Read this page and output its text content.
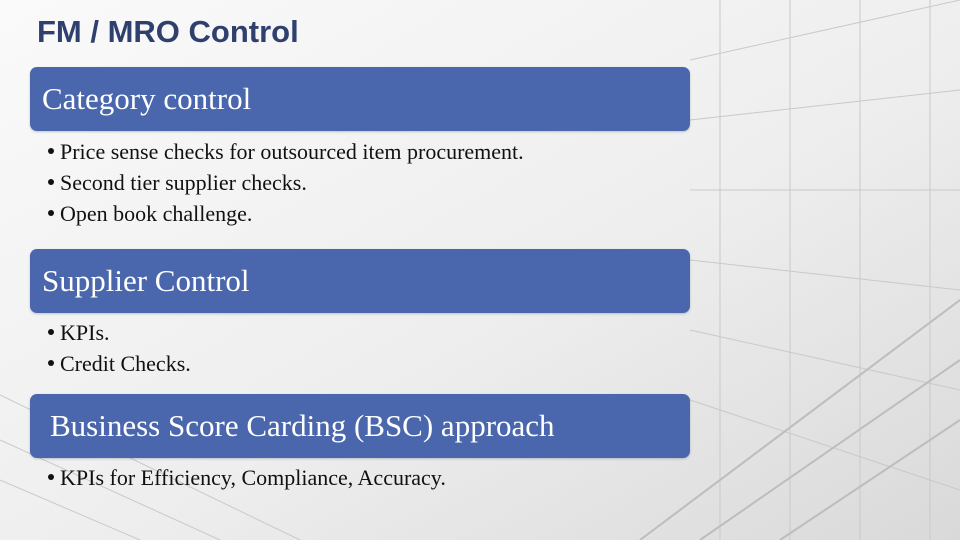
FM / MRO Control
Category control
Price sense checks for outsourced item procurement.
Second tier supplier checks.
Open book challenge.
Supplier Control
KPIs.
Credit Checks.
Business Score Carding (BSC) approach
KPIs for Efficiency, Compliance, Accuracy.
